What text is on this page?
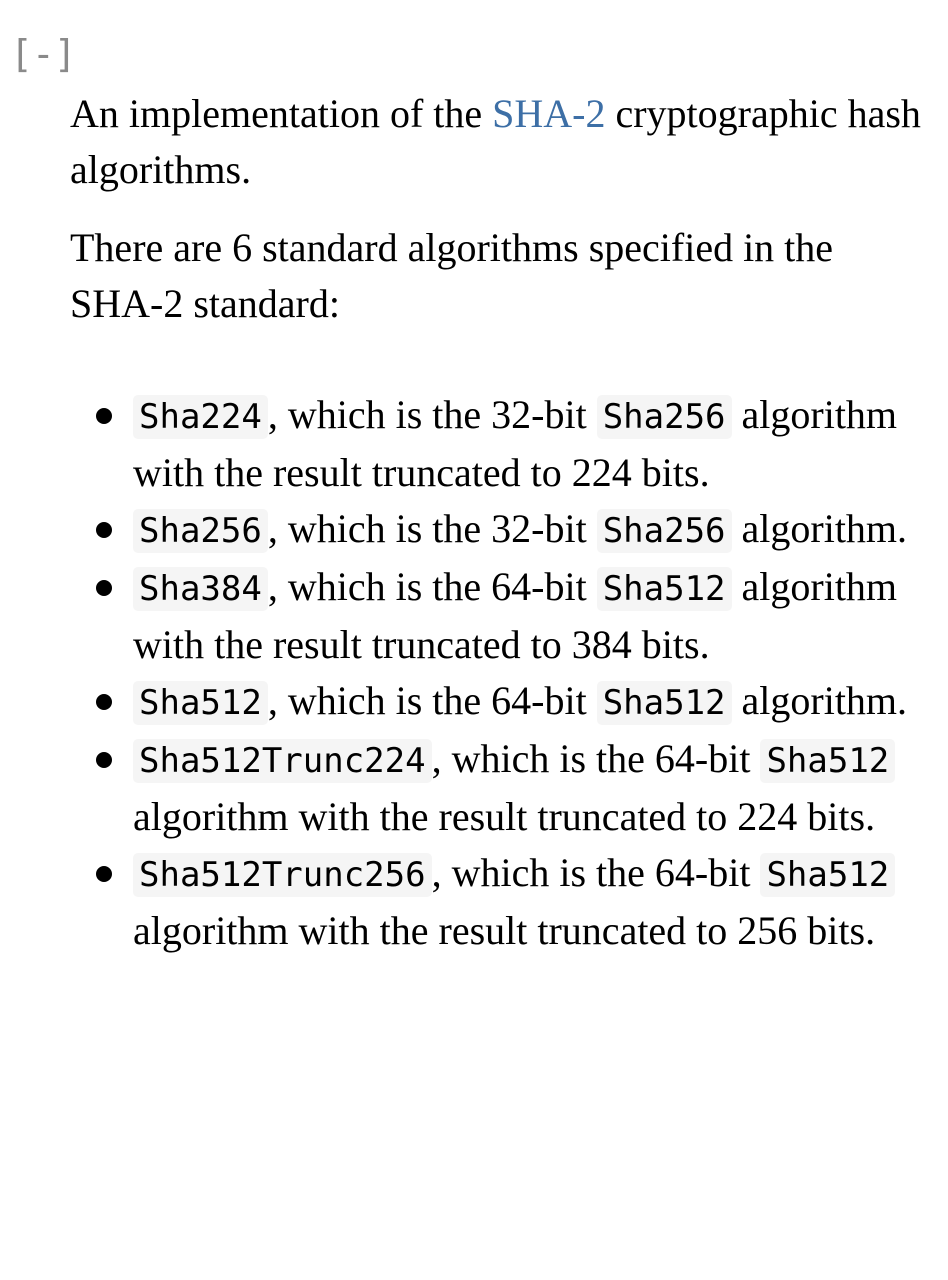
[-]

An implementation of the SHA-2 cryptographic hash algorithms.

There are 6 standard algorithms specified in the SHA-2 standard:

Sha224 , which is the 32-bit Sha256 algorithm with the result truncated to 224 bits.
Sha256 , which is the 32-bit Sha256 algorithm.
Sha384 , which is the 64-bit Sha512 algorithm with the result truncated to 384 bits.
Sha512 , which is the 64-bit Sha512 algorithm.
Sha512Trunc224 , which is the 64-bit Sha512 algorithm with the result truncated to 224 bits.
Sha512Trunc256 , which is the 64-bit Sha512 algorithm with the result truncated to 256 bits.
